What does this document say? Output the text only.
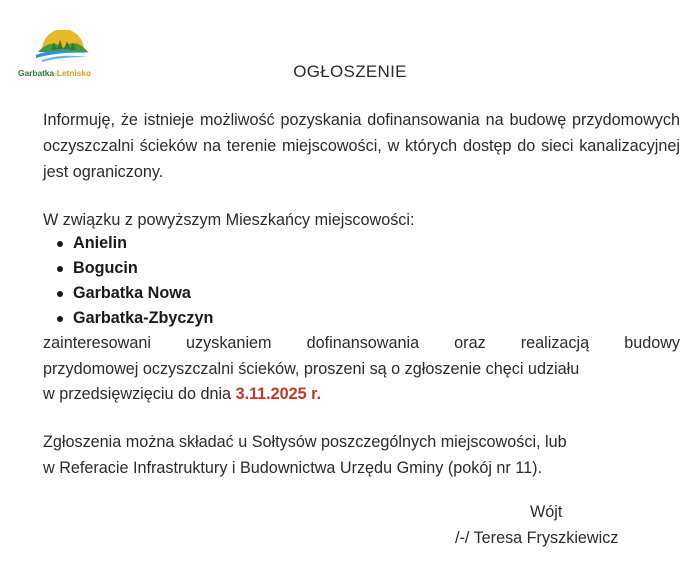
Garbatka-Letnisko	OGŁOSZENIE
Informuję, że istnieje możliwość pozyskania dofinansowania na budowę przydomowych oczyszczalni ścieków na terenie miejscowości, w których dostęp do sieci kanalizacyjnej jest ograniczony.
W związku z powyższym Mieszkańcy miejscowości:
Anielin
Bogucin
Garbatka Nowa
Garbatka-Zbyczyn
zainteresowani uzyskaniem dofinansowania oraz realizacją budowy
przydomowej oczyszczalni ścieków, proszeni są o zgłoszenie chęci udziału
w przedsięwzięciu do dnia 3.11.2025 r.
Zgłoszenia można składać u Sołtysów poszczególnych miejscowości, lub
w Referacie Infrastruktury i Budownictwa Urzędu Gminy (pokój nr 11).
Wójt
/-/ Teresa Fryszkiewicz
